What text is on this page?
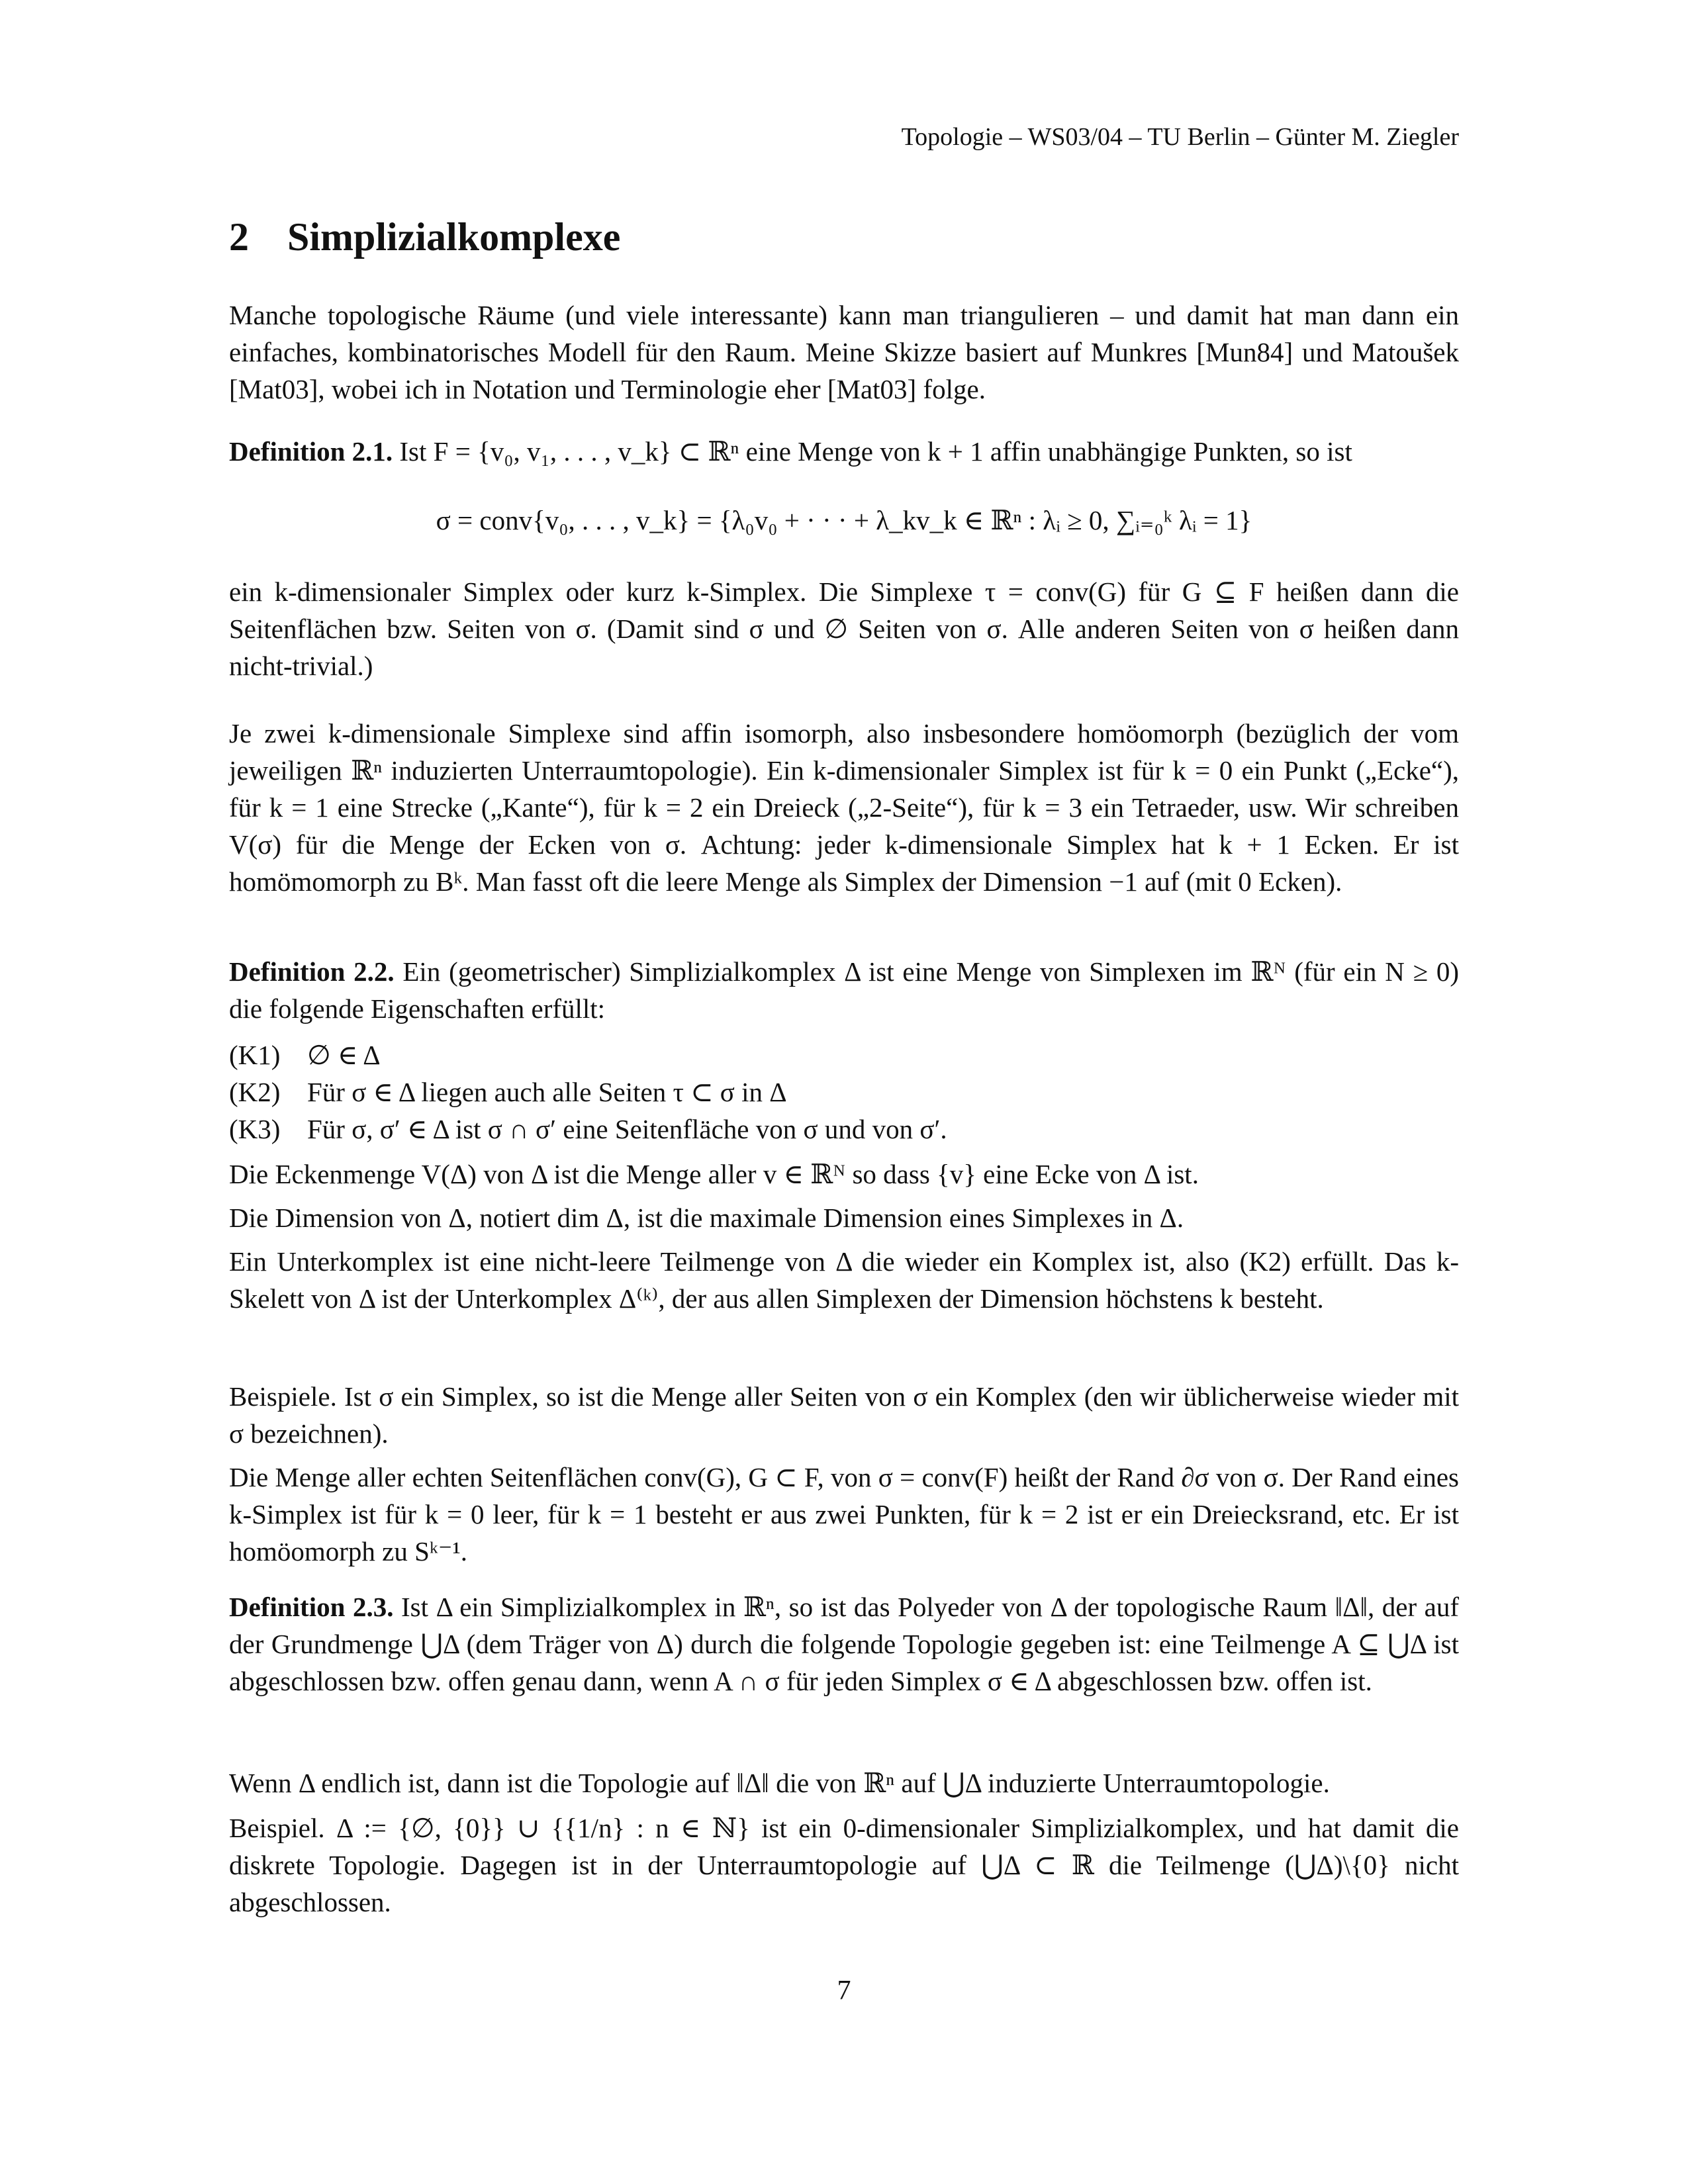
Topologie – WS03/04 – TU Berlin – Günter M. Ziegler
2 Simplizialkomplexe

Manche topologische Räume (und viele interessante) kann man triangulieren – und damit hat man dann ein einfaches, kombinatorisches Modell für den Raum. Meine Skizze basiert auf Munkres [Mun84] und Matoušek [Mat03], wobei ich in Notation und Terminologie eher [Mat03] folge.

Definition 2.1. Ist F = {v₀, v₁, . . . , v_k} ⊂ ℝⁿ eine Menge von k + 1 affin unabhängige Punkten, so ist

σ = conv{v₀, . . . , v_k} = {λ₀v₀ + · · · + λ_kv_k ∈ ℝⁿ : λᵢ ≥ 0, ∑ᵢ₌₀ᵏ λᵢ = 1}

ein k-dimensionaler Simplex oder kurz k-Simplex. Die Simplexe τ = conv(G) für G ⊆ F heißen dann die Seitenflächen bzw. Seiten von σ. (Damit sind σ und ∅ Seiten von σ. Alle anderen Seiten von σ heißen dann nicht-trivial.)

Je zwei k-dimensionale Simplexe sind affin isomorph, also insbesondere homöomorph (bezüglich der vom jeweiligen ℝⁿ induzierten Unterraumtopologie). Ein k-dimensionaler Simplex ist für k = 0 ein Punkt („Ecke“), für k = 1 eine Strecke („Kante“), für k = 2 ein Dreieck („2-Seite“), für k = 3 ein Tetraeder, usw. Wir schreiben V(σ) für die Menge der Ecken von σ. Achtung: jeder k-dimensionale Simplex hat k + 1 Ecken. Er ist homömomorph zu Bᵏ. Man fasst oft die leere Menge als Simplex der Dimension −1 auf (mit 0 Ecken).

Definition 2.2. Ein (geometrischer) Simplizialkomplex Δ ist eine Menge von Simplexen im ℝᴺ (für ein N ≥ 0) die folgende Eigenschaften erfüllt:

(K1) ∅ ∈ Δ
(K2) Für σ ∈ Δ liegen auch alle Seiten τ ⊂ σ in Δ
(K3) Für σ, σ′ ∈ Δ ist σ ∩ σ′ eine Seitenfläche von σ und von σ′.

Die Eckenmenge V(Δ) von Δ ist die Menge aller v ∈ ℝᴺ so dass {v} eine Ecke von Δ ist.

Die Dimension von Δ, notiert dim Δ, ist die maximale Dimension eines Simplexes in Δ.

Ein Unterkomplex ist eine nicht-leere Teilmenge von Δ die wieder ein Komplex ist, also (K2) erfüllt. Das k-Skelett von Δ ist der Unterkomplex Δ⁽ᵏ⁾, der aus allen Simplexen der Dimension höchstens k besteht.

Beispiele. Ist σ ein Simplex, so ist die Menge aller Seiten von σ ein Komplex (den wir üblicherweise wieder mit σ bezeichnen).

Die Menge aller echten Seitenflächen conv(G), G ⊂ F, von σ = conv(F) heißt der Rand ∂σ von σ. Der Rand eines k-Simplex ist für k = 0 leer, für k = 1 besteht er aus zwei Punkten, für k = 2 ist er ein Dreiecksrand, etc. Er ist homöomorph zu Sᵏ⁻¹.

Definition 2.3. Ist Δ ein Simplizialkomplex in ℝⁿ, so ist das Polyeder von Δ der topologische Raum ‖Δ‖, der auf der Grundmenge ⋃Δ (dem Träger von Δ) durch die folgende Topologie gegeben ist: eine Teilmenge A ⊆ ⋃Δ ist abgeschlossen bzw. offen genau dann, wenn A ∩ σ für jeden Simplex σ ∈ Δ abgeschlossen bzw. offen ist.

Wenn Δ endlich ist, dann ist die Topologie auf ‖Δ‖ die von ℝⁿ auf ⋃Δ induzierte Unterraumtopologie.

Beispiel. Δ := {∅, {0}} ∪ {{1/n} : n ∈ ℕ} ist ein 0-dimensionaler Simplizialkomplex, und hat damit die diskrete Topologie. Dagegen ist in der Unterraumtopologie auf ⋃Δ ⊂ ℝ die Teilmenge (⋃Δ)\{0} nicht abgeschlossen.

7
